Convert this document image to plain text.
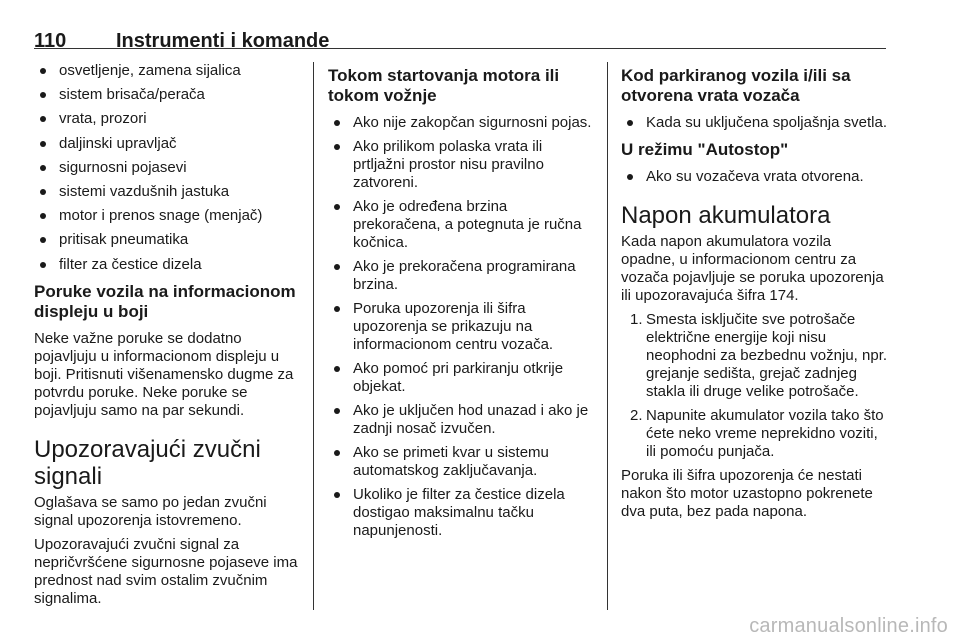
110 Instrumenti i komande
osvetljenje, zamena sijalica
sistem brisača/perača
vrata, prozori
daljinski upravljač
sigurnosni pojasevi
sistemi vazdušnih jastuka
motor i prenos snage (menjač)
pritisak pneumatika
filter za čestice dizela
Poruke vozila na informacionom displeju u boji

Neke važne poruke se dodatno pojavljuju u informacionom displeju u boji. Pritisnuti višenamensko dugme za potvrdu poruke. Neke poruke se pojavljuju samo na par sekundi.

Upozoravajući zvučni signali

Oglašava se samo po jedan zvučni signal upozorenja istovremeno.

Upozoravajući zvučni signal za nepričvršćene sigurnosne pojaseve ima prednost nad svim ostalim zvučnim signalima.

Tokom startovanja motora ili tokom vožnje
Ako nije zakopčan sigurnosni pojas.
Ako prilikom polaska vrata ili prtljažni prostor nisu pravilno zatvoreni.
Ako je određena brzina prekoračena, a potegnuta je ručna kočnica.
Ako je prekoračena programirana brzina.
Poruka upozorenja ili šifra upozorenja se prikazuju na informacionom centru vozača.
Ako pomoć pri parkiranju otkrije objekat.
Ako je uključen hod unazad i ako je zadnji nosač izvučen.
Ako se primeti kvar u sistemu automatskog zaključavanja.
Ukoliko je filter za čestice dizela dostigao maksimalnu tačku napunjenosti.
Kod parkiranog vozila i/ili sa otvorena vrata vozača
Kada su uključena spoljašnja svetla.
U režimu "Autostop"
Ako su vozačeva vrata otvorena.
Napon akumulatora

Kada napon akumulatora vozila opadne, u informacionom centru za vozača pojavljuje se poruka upozorenja ili upozoravajuća šifra 174.

1. Smesta isključite sve potrošače električne energije koji nisu neophodni za bezbednu vožnju, npr. grejanje sedišta, grejač zadnjeg stakla ili druge velike potrošače.
2. Napunite akumulator vozila tako što ćete neko vreme neprekidno voziti, ili pomoću punjača.

Poruka ili šifra upozorenja će nestati nakon što motor uzastopno pokrenete dva puta, bez pada napona.

carmanualsonline.info
